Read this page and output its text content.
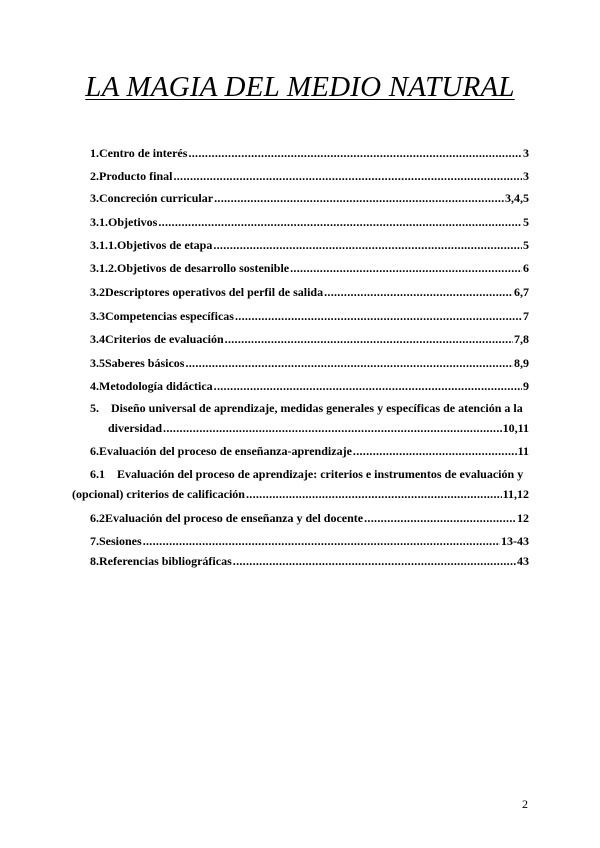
LA MAGIA DEL MEDIO NATURAL
1. Centro de interés .....	3
2. Producto final .....	3
3. Concreción curricular .....	3,4,5
3.1. Objetivos .....	5
3.1.1. Objetivos de etapa .....	5
3.1.2. Objetivos de desarrollo sostenible .....	6
3.2 Descriptores operativos del perfil de salida .....	6,7
3.3 Competencias específicas .....	7
3.4 Criterios de evaluación .....	7,8
3.5 Saberes básicos .....	8,9
4. Metodología didáctica .....	9
5. Diseño universal de aprendizaje, medidas generales y específicas de atención a la
diversidad .....	10,11
6. Evaluación del proceso de enseñanza-aprendizaje .....	11
6.1 Evaluación del proceso de aprendizaje: criterios e instrumentos de evaluación y
(opcional) criterios de calificación .....	11,12
6.2 Evaluación del proceso de enseñanza y del docente .....	12
7. Sesiones .....	13-43
8. Referencias bibliográficas .....	43
2
